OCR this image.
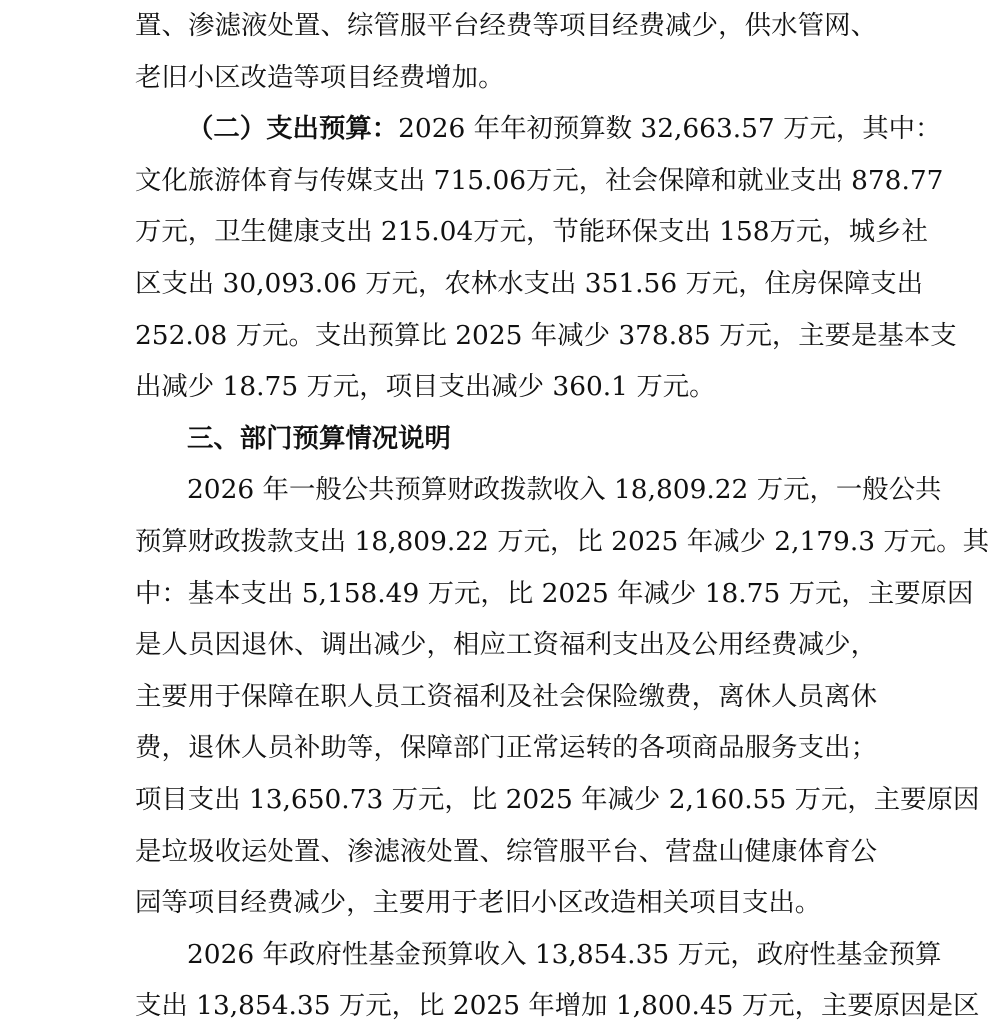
置、渗滤液处置、综管服平台经费等项目经费减少，供水管网、
老旧小区改造等项目经费增加。
（二）支出预算：2026 年年初预算数 32,663.57 万元，其中：
文化旅游体育与传媒支出 715.06万元，社会保障和就业支出 878.77
万元，卫生健康支出 215.04万元，节能环保支出 158万元，城乡社
区支出 30,093.06 万元，农林水支出 351.56 万元，住房保障支出
252.08 万元。支出预算比 2025 年减少 378.85 万元，主要是基本支
出减少 18.75 万元，项目支出减少 360.1 万元。
三、部门预算情况说明
2026 年一般公共预算财政拨款收入 18,809.22 万元，一般公共
预算财政拨款支出 18,809.22 万元，比 2025 年减少 2,179.3 万元。其
中：基本支出 5,158.49 万元，比 2025 年减少 18.75 万元，主要原因
是人员因退休、调出减少，相应工资福利支出及公用经费减少，
主要用于保障在职人员工资福利及社会保险缴费，离休人员离休
费，退休人员补助等，保障部门正常运转的各项商品服务支出；
项目支出 13,650.73 万元，比 2025 年减少 2,160.55 万元，主要原因
是垃圾收运处置、渗滤液处置、综管服平台、营盘山健康体育公
园等项目经费减少，主要用于老旧小区改造相关项目支出。
2026 年政府性基金预算收入 13,854.35 万元，政府性基金预算
支出 13,854.35 万元，比 2025 年增加 1,800.45 万元，主要原因是区
